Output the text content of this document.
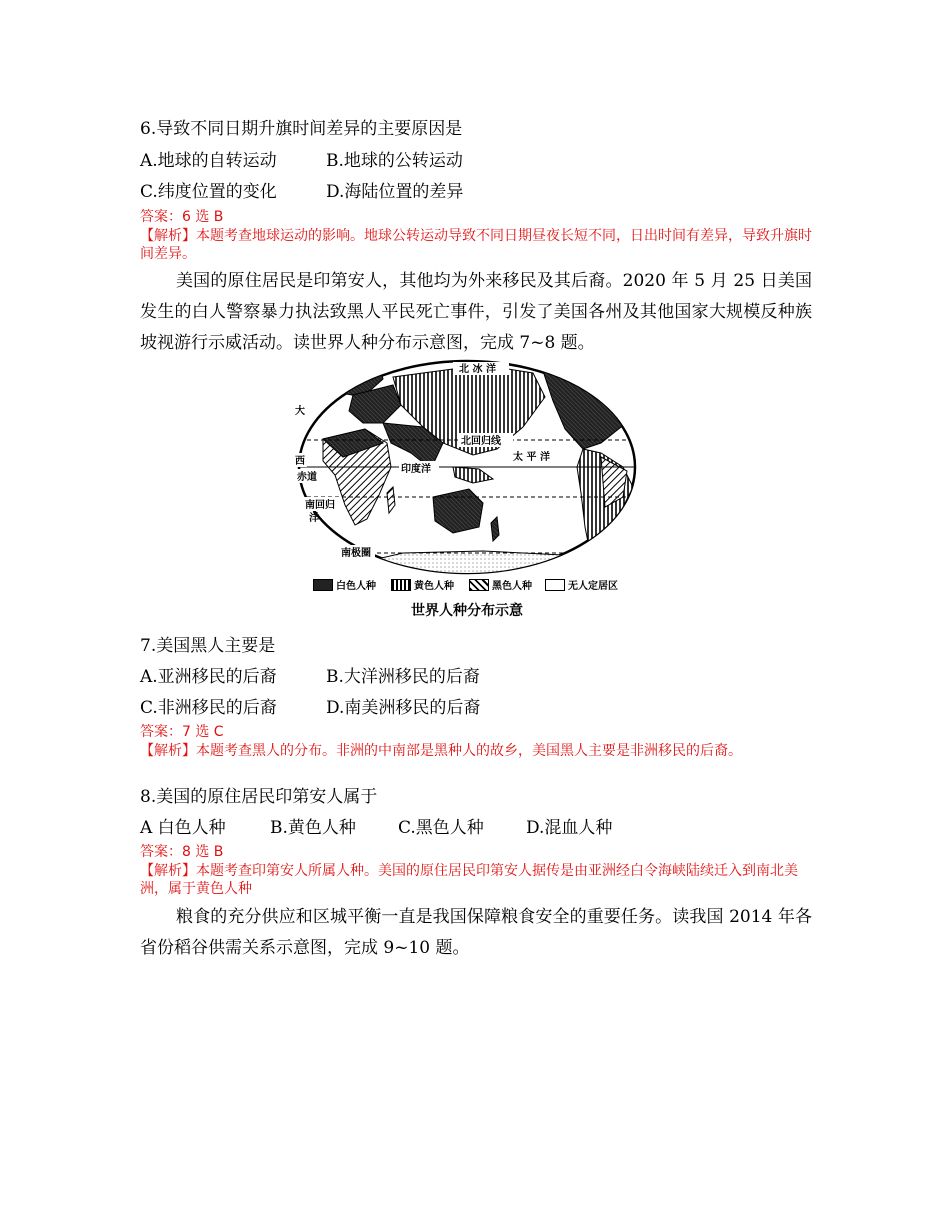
6.导致不同日期升旗时间差异的主要原因是
A.地球的自转运动	B.地球的公转运动
C.纬度位置的变化	D.海陆位置的差异
答案：6 选 B
【解析】本题考查地球运动的影响。地球公转运动导致不同日期昼夜长短不同，日出时间有差异，导致升旗时间差异。
美国的原住居民是印第安人，其他均为外来移民及其后裔。2020 年 5 月 25 日美国发生的白人警察暴力执法致黑人平民死亡事件，引发了美国各州及其他国家大规模反种族坡视游行示威活动。读世界人种分布示意图，完成 7~8 题。
北 冰 洋
大
西
赤道
北回归线
太 平 洋
印度洋
南回归
洋
南极圈
白色人种	黄色人种	黑色人种	无人定居区
世界人种分布示意
7.美国黑人主要是
A.亚洲移民的后裔	B.大洋洲移民的后裔
C.非洲移民的后裔	D.南美洲移民的后裔
答案：7 选 C
【解析】本题考查黑人的分布。非洲的中南部是黑种人的故乡，美国黑人主要是非洲移民的后裔。
8.美国的原住居民印第安人属于
A 白色人种	B.黄色人种 C.黑色人种 D.混血人种
答案：8 选 B
【解析】本题考查印第安人所属人种。美国的原住居民印第安人据传是由亚洲经白令海峡陆续迁入到南北美洲，属于黄色人种
粮食的充分供应和区城平衡一直是我国保障粮食安全的重要任务。读我国 2014 年各省份稻谷供需关系示意图，完成 9~10 题。
